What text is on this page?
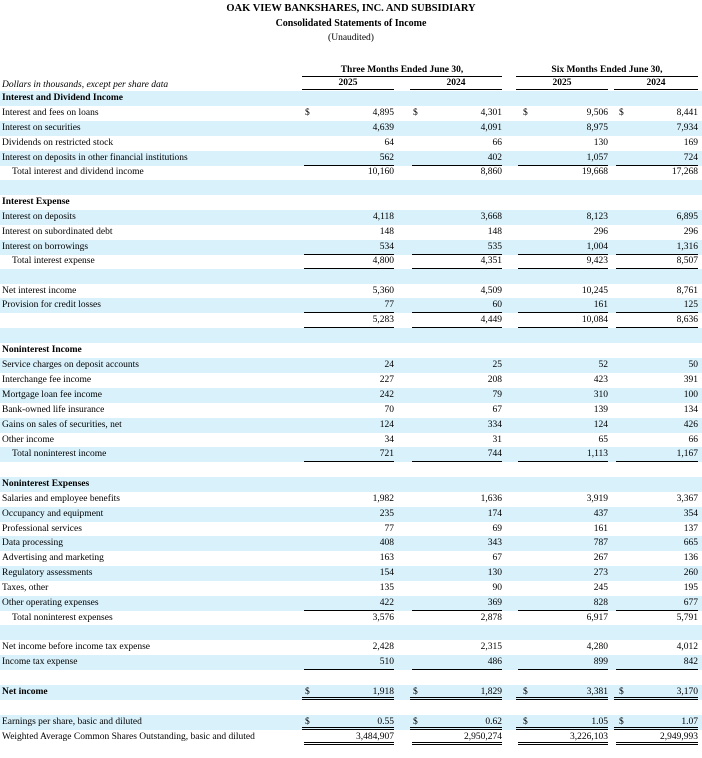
OAK VIEW BANKSHARES, INC. AND SUBSIDIARY
Consolidated Statements of Income
(Unaudited)
Three Months Ended June 30,	Six Months Ended June 30,
2025	2024	2025	2024
Dollars in thousands, except per share data
Interest and Dividend Income
Interest and fees on loans	$	4,895 $	4,301 $	9,506 $	8,441
Interest on securities	4,639	4,091	8,975	7,934
Dividends on restricted stock	64	66	130	169
Interest on deposits in other financial institutions	562	402	1,057	724
Total interest and dividend income	10,160	8,860	19,668	17,268
Interest Expense
Interest on deposits	4,118	3,668	8,123	6,895
Interest on subordinated debt	148	148	296	296
Interest on borrowings	534	535	1,004	1,316
Total interest expense	4,800	4,351	9,423	8,507
Net interest income	5,360	4,509	10,245	8,761
Provision for credit losses	77	60	161	125
5,283	4,449	10,084	8,636
Noninterest Income
Service charges on deposit accounts	24	25	52	50
Interchange fee income	227	208	423	391
Mortgage loan fee income	242	79	310	100
Bank-owned life insurance	70	67	139	134
Gains on sales of securities, net	124	334	124	426
Other income	34	31	65	66
Total noninterest income	721	744	1,113	1,167
Noninterest Expenses
Salaries and employee benefits	1,982	1,636	3,919	3,367
Occupancy and equipment	235	174	437	354
Professional services	77	69	161	137
Data processing	408	343	787	665
Advertising and marketing	163	67	267	136
Regulatory assessments	154	130	273	260
Taxes, other	135	90	245	195
Other operating expenses	422	369	828	677
Total noninterest expenses	3,576	2,878	6,917	5,791
Net income before income tax expense	2,428	2,315	4,280	4,012
Income tax expense	510	486	899	842
Net income	$	1,918 $	1,829 $	3,381 $	3,170
Earnings per share, basic and diluted	$	0.55 $	0.62 $	1.05 $	1.07
Weighted Average Common Shares Outstanding, basic and diluted	3,484,907	2,950,274	3,226,103	2,949,993
